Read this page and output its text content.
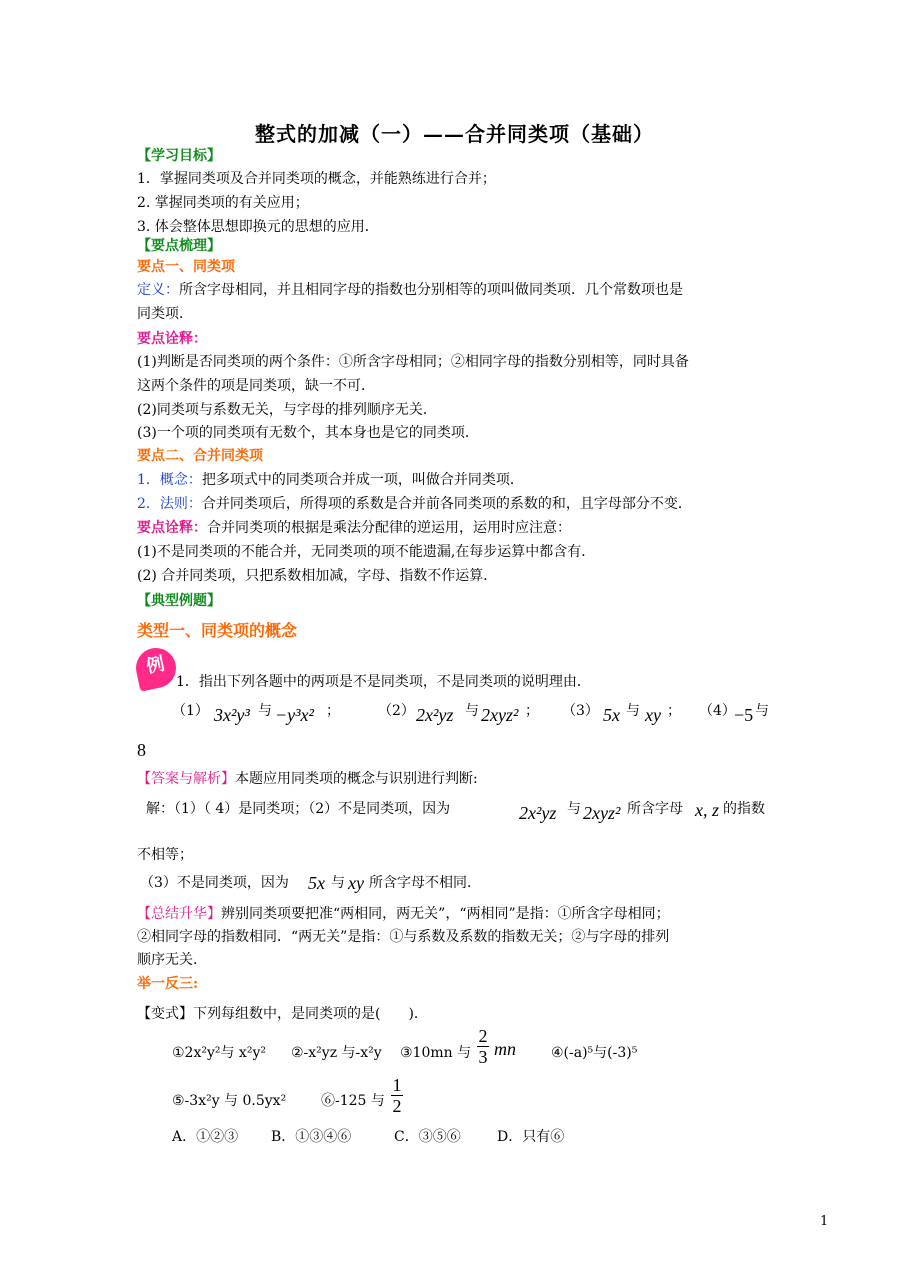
整式的加减（一）——合并同类项（基础）
【学习目标】
1．掌握同类项及合并同类项的概念，并能熟练进行合并；
2. 掌握同类项的有关应用；
3. 体会整体思想即换元的思想的应用．
【要点梳理】
要点一、同类项
定义：所含字母相同，并且相同字母的指数也分别相等的项叫做同类项．几个常数项也是
同类项．
要点诠释：
(1)判断是否同类项的两个条件：①所含字母相同；②相同字母的指数分别相等，同时具备
这两个条件的项是同类项，缺一不可．
(2)同类项与系数无关，与字母的排列顺序无关．
(3)一个项的同类项有无数个，其本身也是它的同类项．
要点二、合并同类项
1．概念：把多项式中的同类项合并成一项，叫做合并同类项．
2．法则：合并同类项后，所得项的系数是合并前各同类项的系数的和，且字母部分不变．
要点诠释：合并同类项的根据是乘法分配律的逆运用，运用时应注意：
(1)不是同类项的不能合并，无同类项的项不能遗漏,在每步运算中都含有．
(2) 合并同类项，只把系数相加减，字母、指数不作运算．
【典型例题】
类型一、同类项的概念
例
1．指出下列各题中的两项是不是同类项，不是同类项的说明理由．
（1） 3x²y³ 与 −y³x² ；	（2） 2x²yz 与 2xyz² ； （3） 5x 与 xy ； （4）
−5 与
8
【答案与解析】本题应用同类项的概念与识别进行判断:
解：（1）（ 4）是同类项；（2）不是同类项，因为	2x²yz 与 2xyz² 所含字母 x, z 的指数
不相等；
（3）不是同类项，因为 5x 与 xy 所含字母不相同．
【总结升华】辨别同类项要把准“两相同，两无关”，“两相同”是指：①所含字母相同；
②相同字母的指数相同．“两无关”是指：①与系数及系数的指数无关；②与字母的排列
顺序无关．
举一反三:
【变式】下列每组数中，是同类项的是(　　)．
①2x²y²与 x²y² ②-x²yz 与-x²y ③10mn 与
2
3 mn	④(-a)⁵与(-3)⁵
⑤-3x²y 与 0.5yx² ⑥-125 与
1
2
A．①②③ B．①③④⑥	C．③⑤⑥	D．只有⑥
1
